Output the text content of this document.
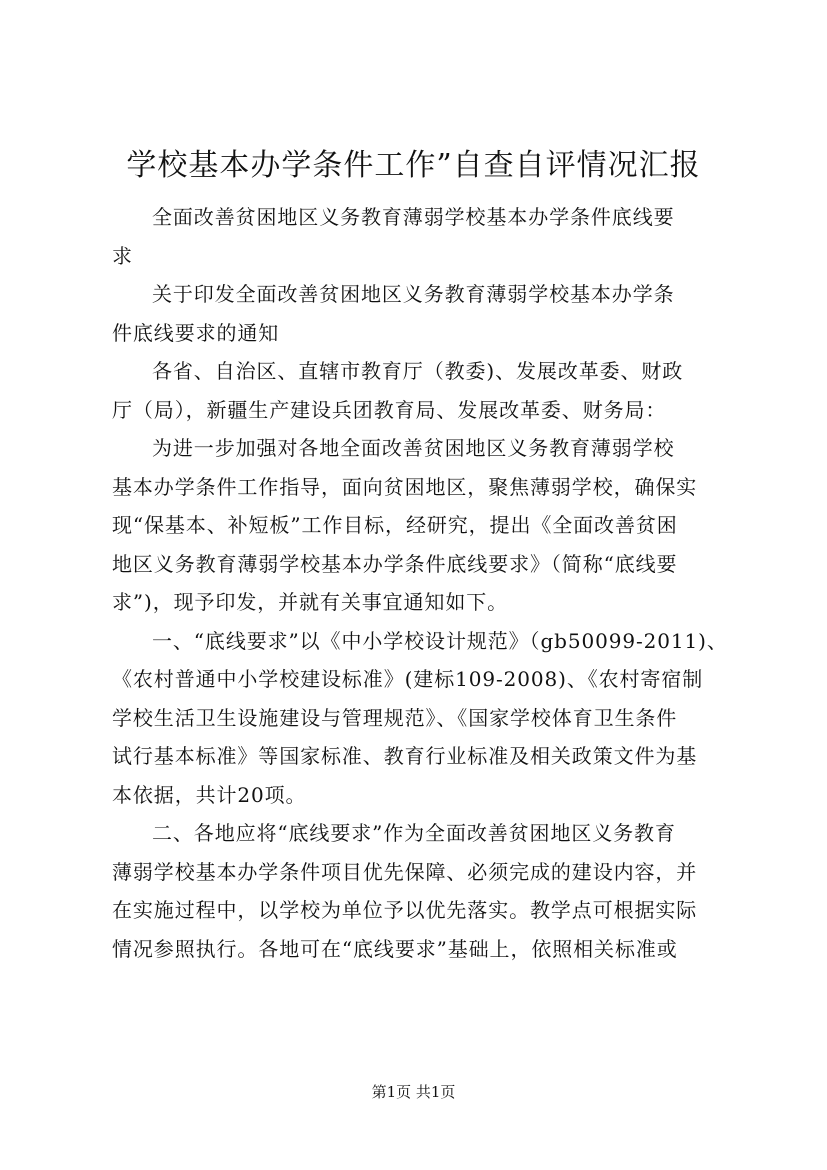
学校基本办学条件工作”自查自评情况汇报
全面改善贫困地区义务教育薄弱学校基本办学条件底线要
求
关于印发全面改善贫困地区义务教育薄弱学校基本办学条
件底线要求的通知
各省、自治区、直辖市教育厅（教委)、发展改革委、财政
厅（局），新疆生产建设兵团教育局、发展改革委、财务局：
为进一步加强对各地全面改善贫困地区义务教育薄弱学校
基本办学条件工作指导，面向贫困地区，聚焦薄弱学校，确保实
现“保基本、补短板”工作目标，经研究，提出《全面改善贫困
地区义务教育薄弱学校基本办学条件底线要求》（简称“底线要
求”)，现予印发，并就有关事宜通知如下。
一、“底线要求”以《中小学校设计规范》（gb50099-2011)、
《农村普通中小学校建设标准》(建标109-2008)、《农村寄宿制
学校生活卫生设施建设与管理规范》、《国家学校体育卫生条件
试行基本标准》等国家标准、教育行业标准及相关政策文件为基
本依据，共计20项。
二、各地应将“底线要求”作为全面改善贫困地区义务教育
薄弱学校基本办学条件项目优先保障、必须完成的建设内容，并
在实施过程中，以学校为单位予以优先落实。教学点可根据实际
情况参照执行。各地可在“底线要求”基础上，依照相关标准或
第1页 共1页
